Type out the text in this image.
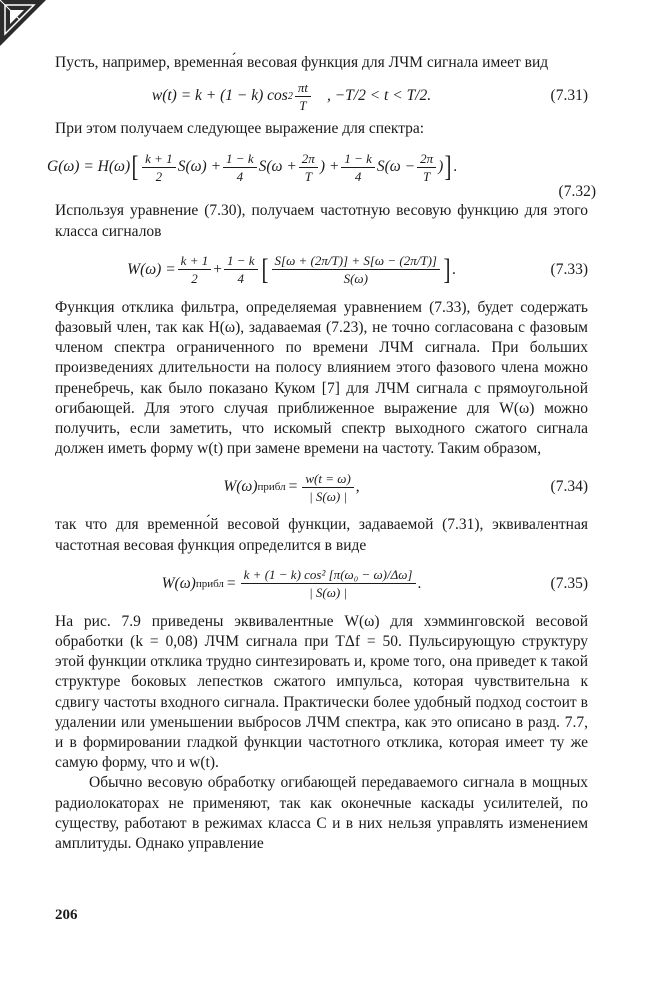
Пусть, например, временна́я весовая функция для ЛЧМ сигнала имеет вид

w(t) = k + (1 − k) $\cos 2 \frac{\pi t}{T}$ , −T/2 < t < T/2.	(7.31)

При этом получаем следующее выражение для спектра:

G(ω) = H(ω) [ $\frac{k + 1}{2} S(\omega) + \frac{1 - k}{4} S(\omega + \frac{2\pi}{T}$ ) + $\frac{1 - k}{4} S(\omega - \frac{2\pi}{T}$ ) ] .
(7.32)

Используя уравнение (7.30), получаем частотную весовую функцию для этого класса сигналов

$W(\omega) = \frac{k + 1}{2} + \frac{1 - k}{4}$ [ $\frac{S[\omega + (2\pi/T)] + S[\omega - (2\pi/T)]}{S(\omega)}$ ] .	(7.33)

Функция отклика фильтра, определяемая уравнением (7.33), будет содержать фазовый член, так как H(ω), задаваемая (7.23), не точно согласована с фазовым членом спектра ограниченного по времени ЛЧМ сигнала. При больших произведениях длительности на полосу влиянием этого фазового члена можно пренебречь, как было показано Куком [7] для ЛЧМ сигнала с прямоугольной огибающей. Для этого случая приближенное выражение для W(ω) можно получить, если заметить, что искомый спектр выходного сжатого сигнала должен иметь форму w(t) при замене времени на частоту. Таким образом,

W(ω) прибл = $\frac{w(t = \omega)}{| S(\omega) |}$ ,	(7.34)

так что для временно́й весовой функции, задаваемой (7.31), эквивалентная частотная весовая функция определится в виде

W(ω) прибл = $\frac{\text{k + (1 − k) cos² [π(ω₀ − ω)/Δω]}}{| S(\omega) |}$ .	(7.35)

На рис. 7.9 приведены эквивалентные W(ω) для хэмминговской весовой обработки (k = 0,08) ЛЧМ сигнала при TΔf = 50. Пульсирующую структуру этой функции отклика трудно синтезировать и, кроме того, она приведет к такой структуре боковых лепестков сжатого импульса, которая чувствительна к сдвигу частоты входного сигнала. Практически более удобный подход состоит в удалении или уменьшении выбросов ЛЧМ спектра, как это описано в разд. 7.7, и в формировании гладкой функции частотного отклика, которая имеет ту же самую форму, что и w(t).

Обычно весовую обработку огибающей передаваемого сигнала в мощных радиолокаторах не применяют, так как оконечные каскады усилителей, по существу, работают в режимах класса C и в них нельзя управлять изменением амплитуды. Однако управление

206
